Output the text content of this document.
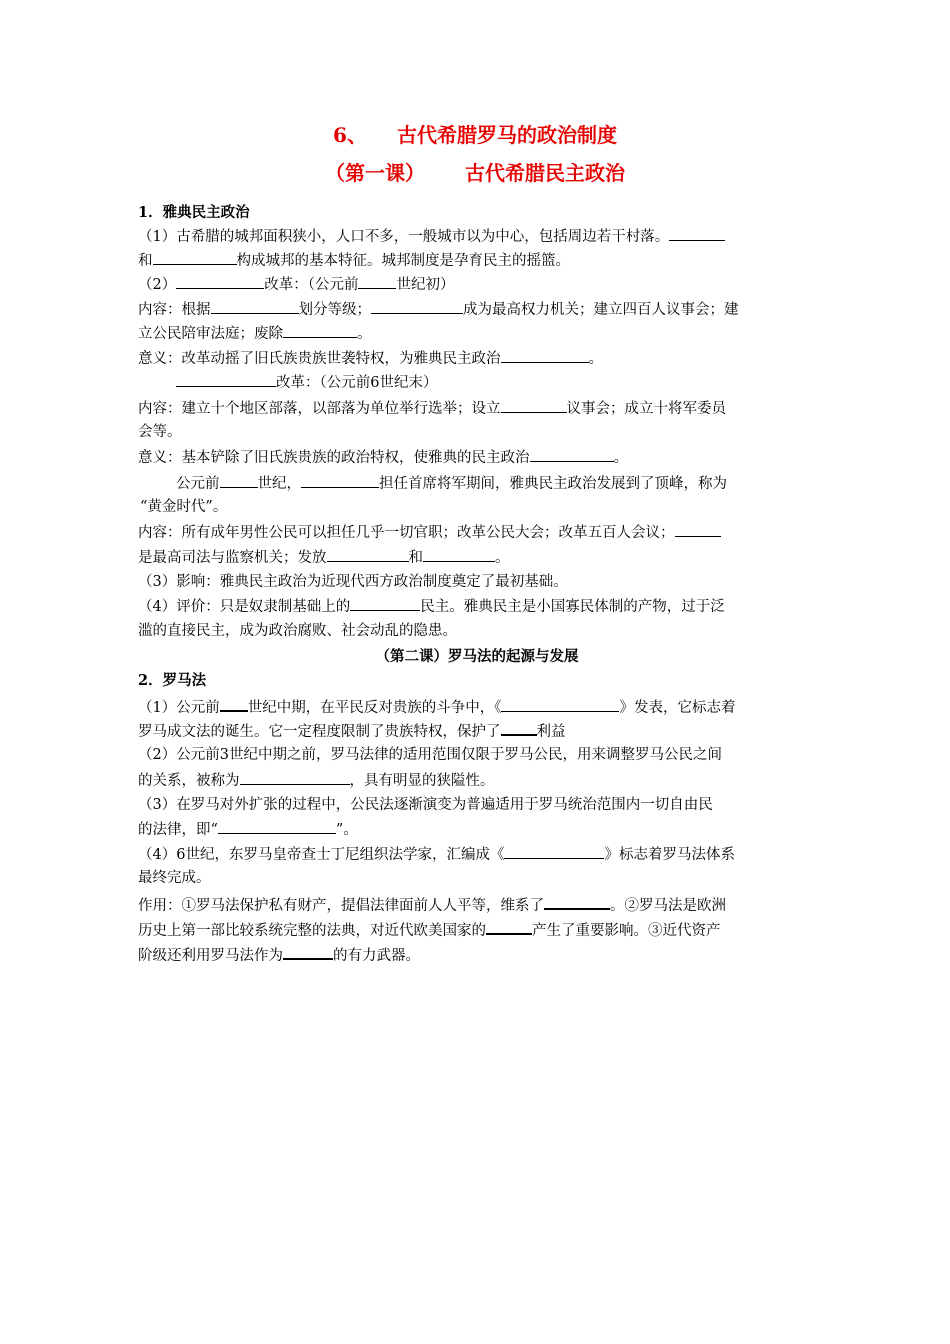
6、 古代希腊罗马的政治制度
（第一课） 古代希腊民主政治
1．雅典民主政治
（1）古希腊的城邦面积狭小，人口不多，一般城市以为中心，包括周边若干村落。
和	构成城邦的基本特征。城邦制度是孕育民主的摇篮。
（2）	改革：（公元前	世纪初）
内容：根据	划分等级；	成为最高权力机关；建立四百人议事会；建
立公民陪审法庭；废除	。
意义：改革动摇了旧氏族贵族世袭特权，为雅典民主政治	。
改革：（公元前6世纪末）
内容：建立十个地区部落，以部落为单位举行选举；设立	议事会；成立十将军委员
会等。
意义：基本铲除了旧氏族贵族的政治特权，使雅典的民主政治	。
公元前	世纪，	担任首席将军期间，雅典民主政治发展到了顶峰，称为
“黄金时代”。
内容：所有成年男性公民可以担任几乎一切官职；改革公民大会；改革五百人会议；
是最高司法与监察机关；发放	和	。
（3）影响：雅典民主政治为近现代西方政治制度奠定了最初基础。
（4）评价：只是奴隶制基础上的	民主。雅典民主是小国寡民体制的产物，过于泛
滥的直接民主，成为政治腐败、社会动乱的隐患。
（第二课）罗马法的起源与发展
2．罗马法
（1）公元前 世纪中期，在平民反对贵族的斗争中，《	》发表，它标志着
罗马成文法的诞生。它一定程度限制了贵族特权，保护了 利益
（2）公元前3世纪中期之前，罗马法律的适用范围仅限于罗马公民，用来调整罗马公民之间
的关系，被称为	，具有明显的狭隘性。
（3）在罗马对外扩张的过程中，公民法逐渐演变为普遍适用于罗马统治范围内一切自由民
的法律，即“	”。
（4）6世纪，东罗马皇帝查士丁尼组织法学家，汇编成《	》标志着罗马法体系
最终完成。
作用：①罗马法保护私有财产，提倡法律面前人人平等，维系了	。②罗马法是欧洲
历史上第一部比较系统完整的法典，对近代欧美国家的	产生了重要影响。③近代资产
阶级还利用罗马法作为	的有力武器。
